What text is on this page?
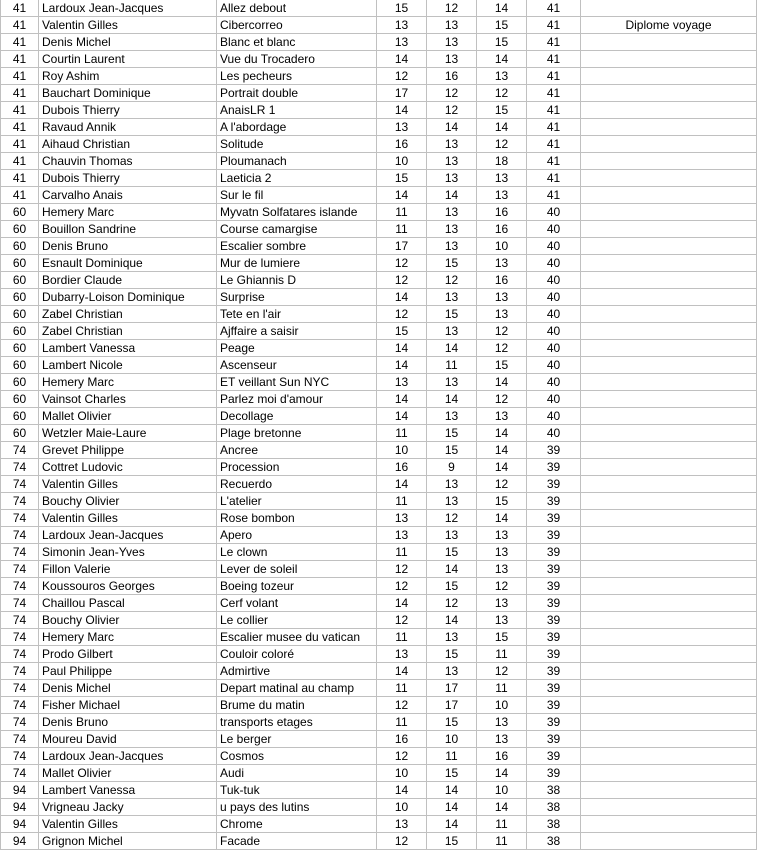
41	Lardoux Jean-Jacques	Allez debout	15	12	14	41	
41	Valentin Gilles	Cibercorreo	13	13	15	41	Diplome voyage
41	Denis Michel	Blanc et blanc	13	13	15	41	
41	Courtin Laurent	Vue du Trocadero	14	13	14	41	
41	Roy Ashim	Les pecheurs	12	16	13	41	
41	Bauchart Dominique	Portrait double	17	12	12	41	
41	Dubois Thierry	AnaisLR 1	14	12	15	41	
41	Ravaud Annik	A l'abordage	13	14	14	41	
41	Aihaud Christian	Solitude	16	13	12	41	
41	Chauvin Thomas	Ploumanach	10	13	18	41	
41	Dubois Thierry	Laeticia 2	15	13	13	41	
41	Carvalho Anais	Sur le fil	14	14	13	41	
60	Hemery Marc	Myvatn Solfatares islande	11	13	16	40	
60	Bouillon Sandrine	Course camargise	11	13	16	40	
60	Denis Bruno	Escalier sombre	17	13	10	40	
60	Esnault Dominique	Mur de lumiere	12	15	13	40	
60	Bordier Claude	Le Ghiannis D	12	12	16	40	
60	Dubarry-Loison Dominique	Surprise	14	13	13	40	
60	Zabel Christian	Tete en l'air	12	15	13	40	
60	Zabel Christian	Ajffaire a saisir	15	13	12	40	
60	Lambert Vanessa	Peage	14	14	12	40	
60	Lambert Nicole	Ascenseur	14	11	15	40	
60	Hemery Marc	ET veillant Sun NYC	13	13	14	40	
60	Vainsot Charles	Parlez moi d'amour	14	14	12	40	
60	Mallet Olivier	Decollage	14	13	13	40	
60	Wetzler Maie-Laure	Plage bretonne	11	15	14	40	
74	Grevet Philippe	Ancree	10	15	14	39	
74	Cottret Ludovic	Procession	16	9	14	39	
74	Valentin Gilles	Recuerdo	14	13	12	39	
74	Bouchy Olivier	L'atelier	11	13	15	39	
74	Valentin Gilles	Rose bombon	13	12	14	39	
74	Lardoux Jean-Jacques	Apero	13	13	13	39	
74	Simonin Jean-Yves	Le clown	11	15	13	39	
74	Fillon Valerie	Lever de soleil	12	14	13	39	
74	Koussouros Georges	Boeing tozeur	12	15	12	39	
74	Chaillou Pascal	Cerf volant	14	12	13	39	
74	Bouchy Olivier	Le collier	12	14	13	39	
74	Hemery Marc	Escalier musee du vatican	11	13	15	39	
74	Prodo Gilbert	Couloir coloré	13	15	11	39	
74	Paul Philippe	Admirtive	14	13	12	39	
74	Denis Michel	Depart matinal au champ	11	17	11	39	
74	Fisher Michael	Brume du matin	12	17	10	39	
74	Denis Bruno	transports etages	11	15	13	39	
74	Moureu David	Le berger	16	10	13	39	
74	Lardoux Jean-Jacques	Cosmos	12	11	16	39	
74	Mallet Olivier	Audi	10	15	14	39	
94	Lambert Vanessa	Tuk-tuk	14	14	10	38	
94	Vrigneau Jacky	u pays des lutins	10	14	14	38	
94	Valentin Gilles	Chrome	13	14	11	38	
94	Grignon Michel	Facade	12	15	11	38	
